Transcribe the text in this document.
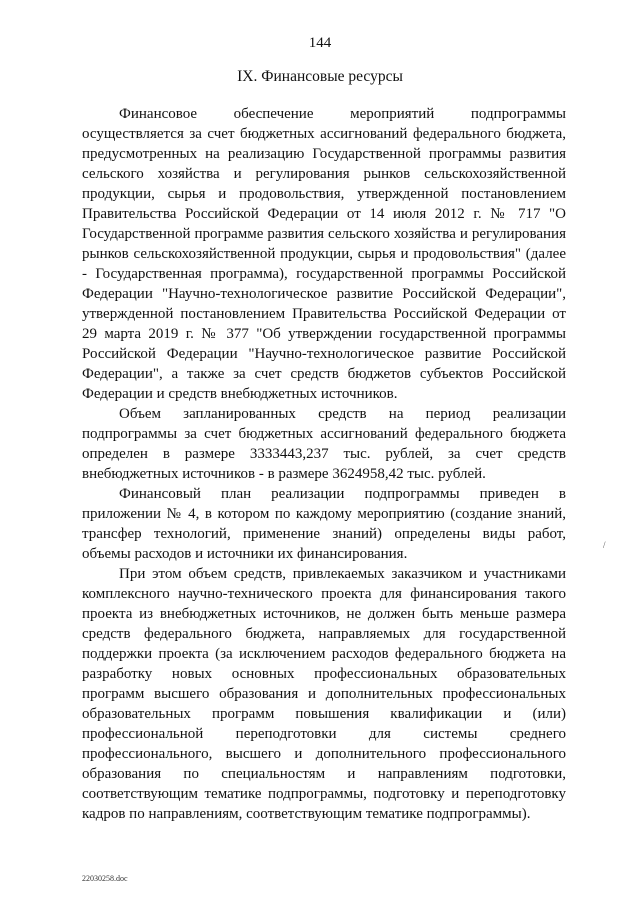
144
IX. Финансовые ресурсы

Финансовое обеспечение мероприятий подпрограммы осуществляется за счет бюджетных ассигнований федерального бюджета, предусмотренных на реализацию Государственной программы развития сельского хозяйства и регулирования рынков сельскохозяйственной продукции, сырья и продовольствия, утвержденной постановлением Правительства Российской Федерации от 14 июля 2012 г. № 717 "О Государственной программе развития сельского хозяйства и регулирования рынков сельскохозяйственной продукции, сырья и продовольствия" (далее - Государственная программа), государственной программы Российской Федерации "Научно-технологическое развитие Российской Федерации", утвержденной постановлением Правительства Российской Федерации от 29 марта 2019 г. № 377 "Об утверждении государственной программы Российской Федерации "Научно-технологическое развитие Российской Федерации", а также за счет средств бюджетов субъектов Российской Федерации и средств внебюджетных источников.

Объем запланированных средств на период реализации подпрограммы за счет бюджетных ассигнований федерального бюджета определен в размере 3333443,237 тыс. рублей, за счет средств внебюджетных источников - в размере 3624958,42 тыс. рублей.

Финансовый план реализации подпрограммы приведен в приложении № 4, в котором по каждому мероприятию (создание знаний, трансфер технологий, применение знаний) определены виды работ, объемы расходов и источники их финансирования.

При этом объем средств, привлекаемых заказчиком и участниками комплексного научно-технического проекта для финансирования такого проекта из внебюджетных источников, не должен быть меньше размера средств федерального бюджета, направляемых для государственной поддержки проекта (за исключением расходов федерального бюджета на разработку новых основных профессиональных образовательных программ высшего образования и дополнительных профессиональных образовательных программ повышения квалификации и (или) профессиональной переподготовки для системы среднего профессионального, высшего и дополнительного профессионального образования по специальностям и направлениям подготовки, соответствующим тематике подпрограммы, подготовку и переподготовку кадров по направлениям, соответствующим тематике подпрограммы).

/
22030258.doc
